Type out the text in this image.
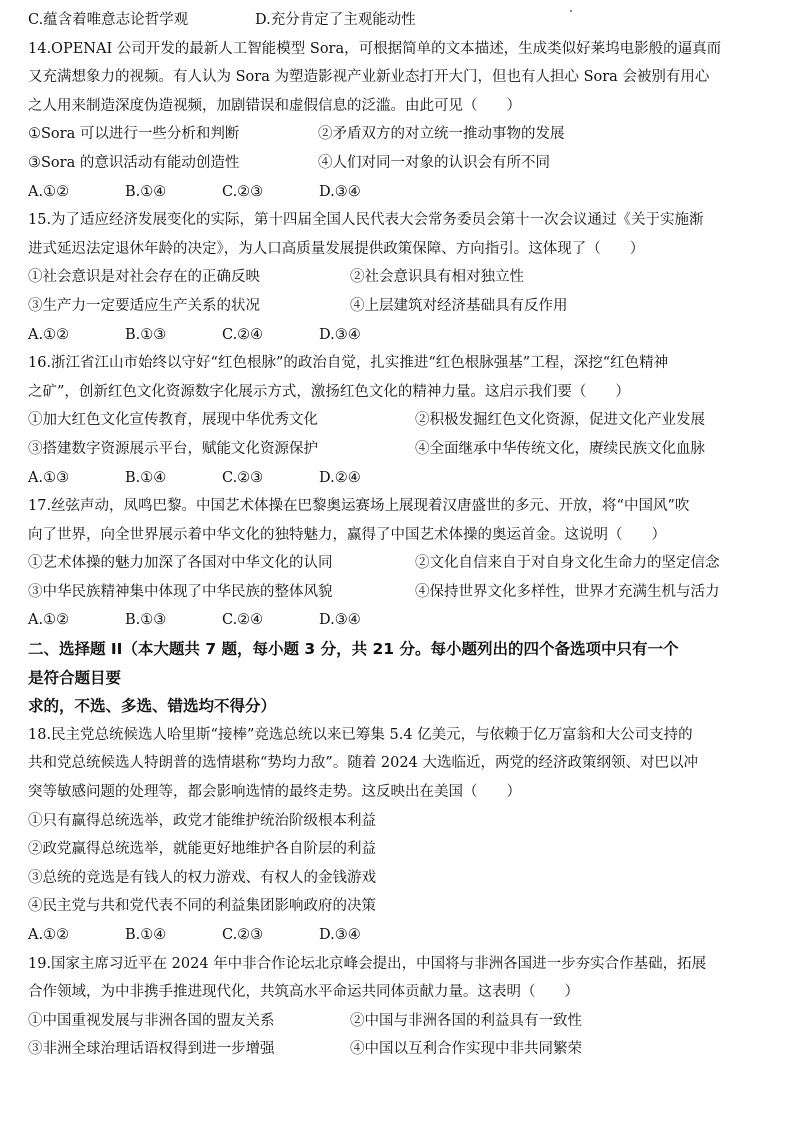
C.蕴含着唯意志论哲学观	D.充分肯定了主观能动性
14.OPENAI 公司开发的最新人工智能模型 Sora，可根据简单的文本描述，生成类似好莱坞电影般的逼真而
又充满想象力的视频。有人认为 Sora 为塑造影视产业新业态打开大门，但也有人担心 Sora 会被别有用心
之人用来制造深度伪造视频，加剧错误和虚假信息的泛滥。由此可见（　　）
①Sora 可以进行一些分析和判断	②矛盾双方的对立统一推动事物的发展
③Sora 的意识活动有能动创造性	④人们对同一对象的认识会有所不同
A.①②	B.①④	C.②③	D.③④
15.为了适应经济发展变化的实际，第十四届全国人民代表大会常务委员会第十一次会议通过《关于实施渐
进式延迟法定退休年龄的决定》，为人口高质量发展提供政策保障、方向指引。这体现了（　　）
①社会意识是对社会存在的正确反映	②社会意识具有相对独立性
③生产力一定要适应生产关系的状况	④上层建筑对经济基础具有反作用
A.①②	B.①③	C.②④	D.③④
16.浙江省江山市始终以守好“红色根脉”的政治自觉，扎实推进“红色根脉强基”工程，深挖“红色精神
之矿”，创新红色文化资源数字化展示方式，激扬红色文化的精神力量。这启示我们要（　　）
①加大红色文化宣传教育，展现中华优秀文化	②积极发掘红色文化资源，促进文化产业发展
③搭建数字资源展示平台，赋能文化资源保护	④全面继承中华传统文化，赓续民族文化血脉
A.①③	B.①④	C.②③	D.②④
17.丝弦声动，凤鸣巴黎。中国艺术体操在巴黎奥运赛场上展现着汉唐盛世的多元、开放，将“中国风”吹
向了世界，向全世界展示着中华文化的独特魅力，赢得了中国艺术体操的奥运首金。这说明（　　）
①艺术体操的魅力加深了各国对中华文化的认同	②文化自信来自于对自身文化生命力的坚定信念
③中华民族精神集中体现了中华民族的整体风貌	④保持世界文化多样性，世界才充满生机与活力
A.①②	B.①③	C.②④	D.③④
二、选择题 II（本大题共 7 题，每小题 3 分，共 21 分。每小题列出的四个备选项中只有一个
是符合题目要
求的，不选、多选、错选均不得分）
18.民主党总统候选人哈里斯“接棒”竞选总统以来已筹集 5.4 亿美元，与依赖于亿万富翁和大公司支持的
共和党总统候选人特朗普的选情堪称“势均力敌”。随着 2024 大选临近，两党的经济政策纲领、对巴以冲
突等敏感问题的处理等，都会影响选情的最终走势。这反映出在美国（　　）
①只有赢得总统选举，政党才能维护统治阶级根本利益
②政党赢得总统选举，就能更好地维护各自阶层的利益
③总统的竞选是有钱人的权力游戏、有权人的金钱游戏
④民主党与共和党代表不同的利益集团影响政府的决策
A.①②	B.①④	C.②③	D.③④
19.国家主席习近平在 2024 年中非合作论坛北京峰会提出，中国将与非洲各国进一步夯实合作基础，拓展
合作领域，为中非携手推进现代化，共筑高水平命运共同体贡献力量。这表明（　　）
①中国重视发展与非洲各国的盟友关系	②中国与非洲各国的利益具有一致性
③非洲全球治理话语权得到进一步增强	④中国以互利合作实现中非共同繁荣
